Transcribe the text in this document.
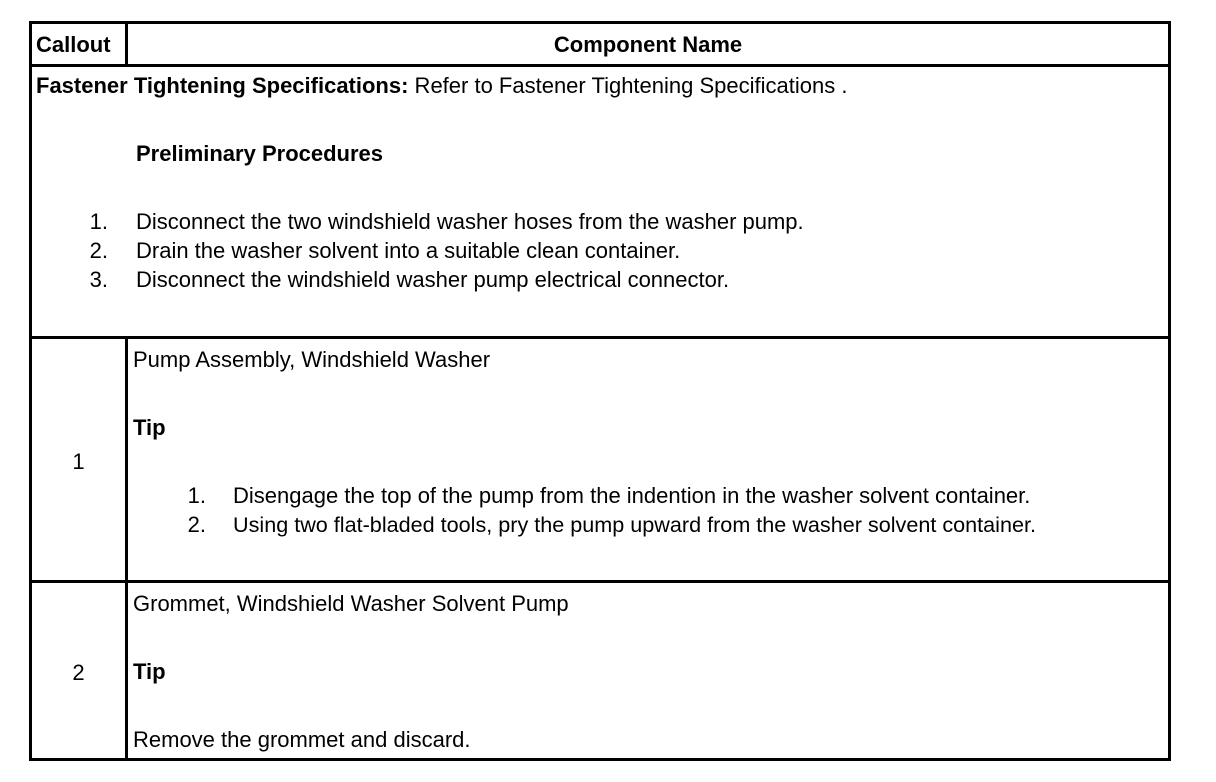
Callout	Component Name
Fastener Tightening Specifications: Refer to Fastener Tightening Specifications .
Preliminary Procedures
1. Disconnect the two windshield washer hoses from the washer pump.
2. Drain the washer solvent into a suitable clean container.
3. Disconnect the windshield washer pump electrical connector.
1
Pump Assembly, Windshield Washer
Tip
1. Disengage the top of the pump from the indention in the washer solvent container.
2. Using two flat-bladed tools, pry the pump upward from the washer solvent container.
2
Grommet, Windshield Washer Solvent Pump
Tip
Remove the grommet and discard.
